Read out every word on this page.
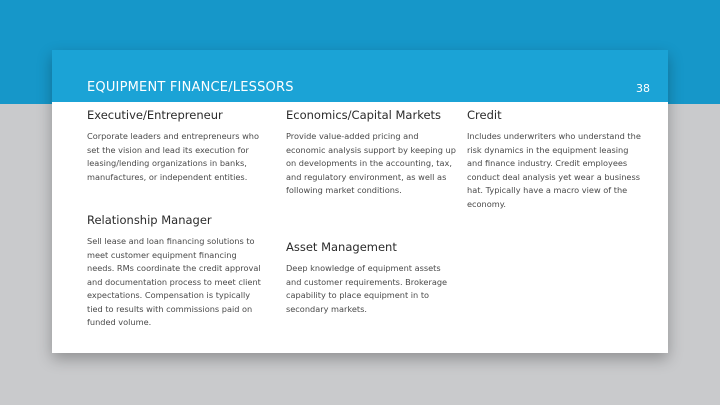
EQUIPMENT FINANCE/LESSORS	38
Executive/Entrepreneur

Corporate leaders and entrepreneurs who set the vision and lead its execution for leasing/lending organizations in banks, manufactures, or independent entities.

Economics/Capital Markets

Provide value-added pricing and economic analysis support by keeping up on developments in the accounting, tax, and regulatory environment, as well as following market conditions.

Credit

Includes underwriters who understand the risk dynamics in the equipment leasing and finance industry. Credit employees conduct deal analysis yet wear a business hat. Typically have a macro view of the economy.

Relationship Manager

Sell lease and loan financing solutions to meet customer equipment financing needs. RMs coordinate the credit approval and documentation process to meet client expectations. Compensation is typically tied to results with commissions paid on funded volume.

Asset Management

Deep knowledge of equipment assets and customer requirements. Brokerage capability to place equipment in to secondary markets.
